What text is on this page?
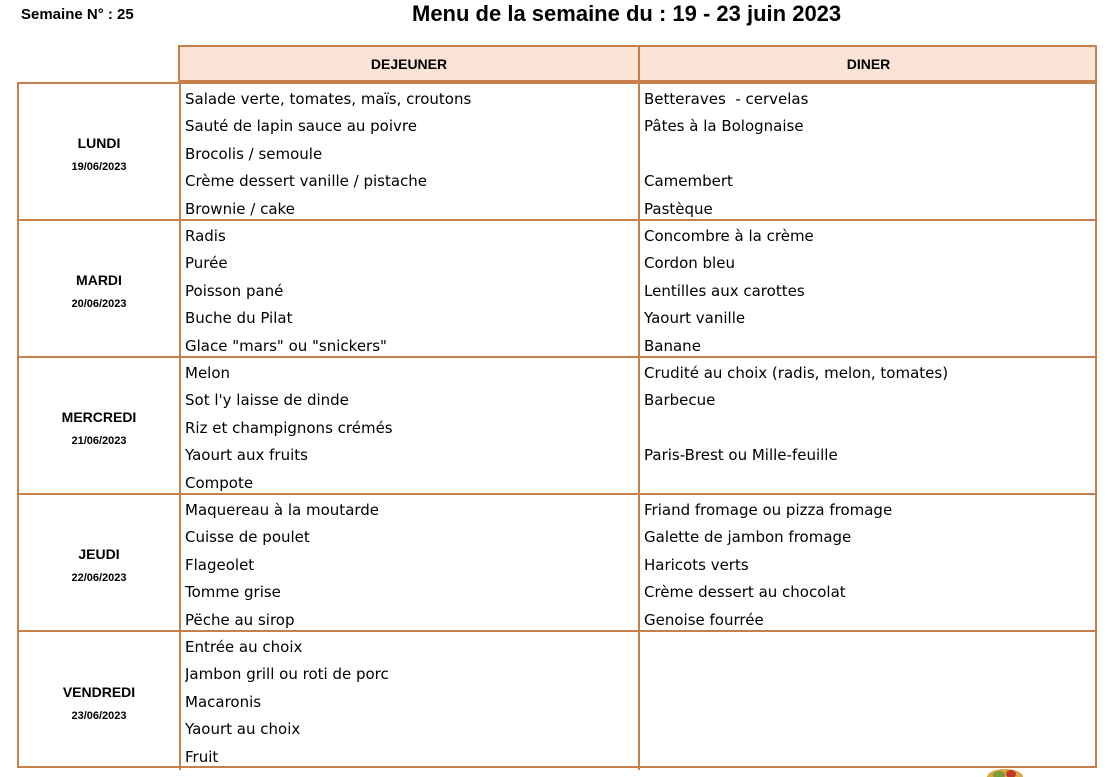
Semaine N° : 25	Menu de la semaine du : 19 - 23 juin 2023
DEJEUNER	DINER
LUNDI
19/06/2023
Salade verte, tomates, maïs, croutons
Sauté de lapin sauce au poivre
Brocolis / semoule
Crème dessert vanille / pistache
Brownie / cake
Betteraves  - cervelas
Pâtes à la Bolognaise
Camembert
Pastèque
MARDI
20/06/2023
Radis
Purée
Poisson pané
Buche du Pilat
Glace "mars" ou "snickers"
Concombre à la crème
Cordon bleu
Lentilles aux carottes
Yaourt vanille
Banane
MERCREDI
21/06/2023
Melon
Sot l'y laisse de dinde
Riz et champignons crémés
Yaourt aux fruits
Compote
Crudité au choix (radis, melon, tomates)
Barbecue
Paris-Brest ou Mille-feuille
JEUDI
22/06/2023
Maquereau à la moutarde
Cuisse de poulet
Flageolet
Tomme grise
Pëche au sirop
Friand fromage ou pizza fromage
Galette de jambon fromage
Haricots verts
Crème dessert au chocolat
Genoise fourrée
VENDREDI
23/06/2023
Entrée au choix
Jambon grill ou roti de porc
Macaronis
Yaourt au choix
Fruit
